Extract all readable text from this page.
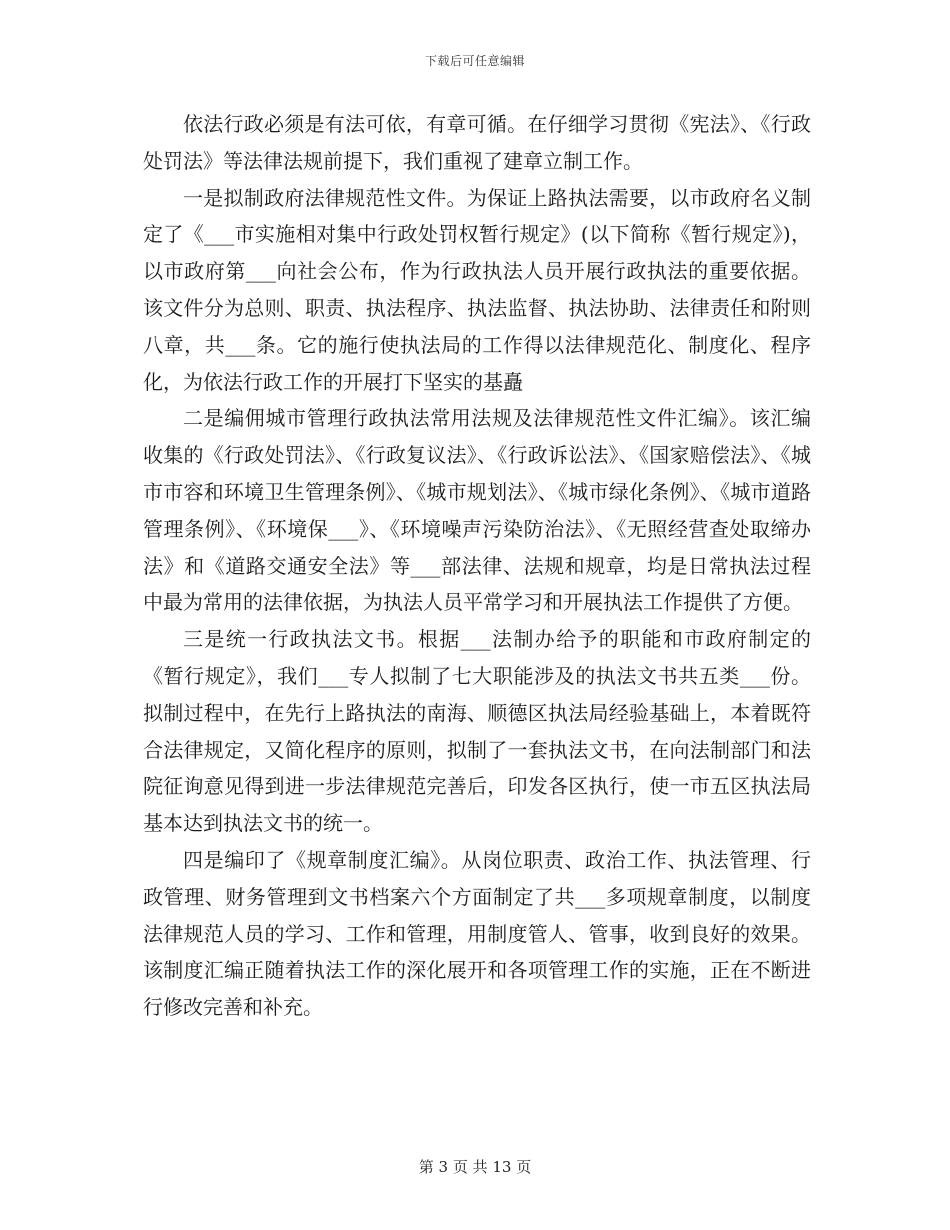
下载后可任意编辑

依法行政必须是有法可依，有章可循。在仔细学习贯彻《宪法》、《行政处罚法》等法律法规前提下，我们重视了建章立制工作。

一是拟制政府法律规范性文件。为保证上路执法需要，以市政府名义制定了《___市实施相对集中行政处罚权暂行规定》(以下简称《暂行规定》)，以市政府第___向社会公布，作为行政执法人员开展行政执法的重要依据。该文件分为总则、职责、执法程序、执法监督、执法协助、法律责任和附则八章，共___条。它的施行使执法局的工作得以法律规范化、制度化、程序化，为依法行政工作的开展打下坚实的基矗

二是编佣城市管理行政执法常用法规及法律规范性文件汇编》。该汇编收集的《行政处罚法》、《行政复议法》、《行政诉讼法》、《国家赔偿法》、《城市市容和环境卫生管理条例》、《城市规划法》、《城市绿化条例》、《城市道路管理条例》、《环境保___》、《环境噪声污染防治法》、《无照经营查处取缔办法》和《道路交通安全法》等___部法律、法规和规章，均是日常执法过程中最为常用的法律依据，为执法人员平常学习和开展执法工作提供了方便。

三是统一行政执法文书。根据___法制办给予的职能和市政府制定的《暂行规定》，我们___专人拟制了七大职能涉及的执法文书共五类___份。拟制过程中，在先行上路执法的南海、顺德区执法局经验基础上，本着既符合法律规定，又简化程序的原则，拟制了一套执法文书，在向法制部门和法院征询意见得到进一步法律规范完善后，印发各区执行，使一市五区执法局基本达到执法文书的统一。

四是编印了《规章制度汇编》。从岗位职责、政治工作、执法管理、行政管理、财务管理到文书档案六个方面制定了共___多项规章制度，以制度法律规范人员的学习、工作和管理，用制度管人、管事，收到良好的效果。该制度汇编正随着执法工作的深化展开和各项管理工作的实施，正在不断进行修改完善和补充。

第 3 页 共 13 页
